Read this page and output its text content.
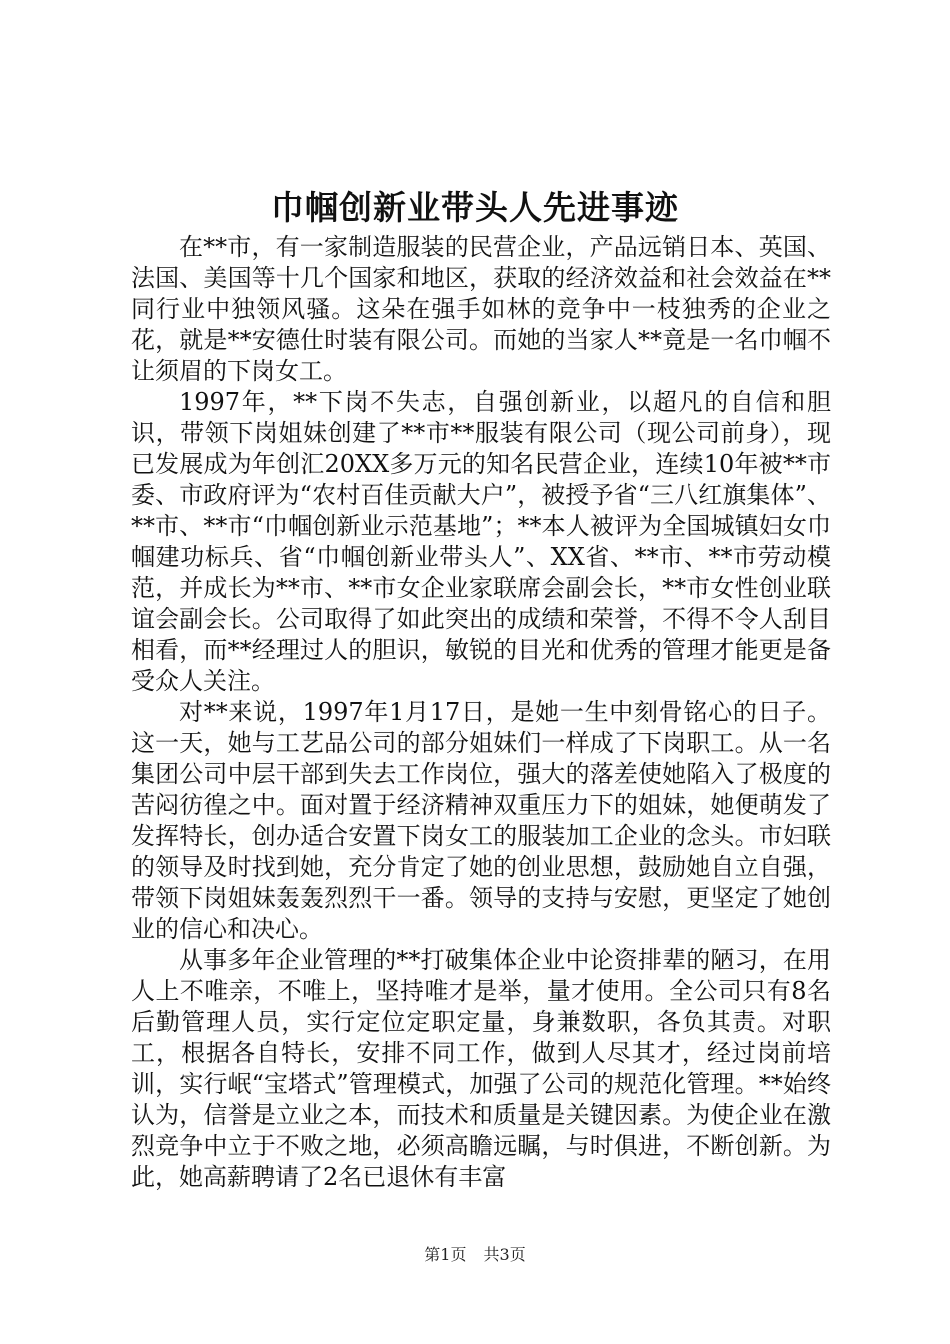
巾帼创新业带头人先进事迹

在**市，有一家制造服装的民营企业，产品远销日本、英国、法国、美国等十几个国家和地区，获取的经济效益和社会效益在**同行业中独领风骚。这朵在强手如林的竞争中一枝独秀的企业之花，就是**安德仕时装有限公司。而她的当家人**竟是一名巾帼不让须眉的下岗女工。

1997年，**下岗不失志，自强创新业，以超凡的自信和胆识，带领下岗姐妹创建了**市**服装有限公司（现公司前身），现已发展成为年创汇20XX多万元的知名民营企业，连续10年被**市委、市政府评为“农村百佳贡献大户”，被授予省“三八红旗集体”、**市、**市“巾帼创新业示范基地”；**本人被评为全国城镇妇女巾帼建功标兵、省“巾帼创新业带头人”、XX省、**市、**市劳动模范，并成长为**市、**市女企业家联席会副会长，**市女性创业联谊会副会长。公司取得了如此突出的成绩和荣誉，不得不令人刮目相看，而**经理过人的胆识，敏锐的目光和优秀的管理才能更是备受众人关注。

对**来说，1997年1月17日，是她一生中刻骨铭心的日子。这一天，她与工艺品公司的部分姐妹们一样成了下岗职工。从一名集团公司中层干部到失去工作岗位，强大的落差使她陷入了极度的苦闷彷徨之中。面对置于经济精神双重压力下的姐妹，她便萌发了发挥特长，创办适合安置下岗女工的服装加工企业的念头。市妇联的领导及时找到她，充分肯定了她的创业思想，鼓励她自立自强，带领下岗姐妹轰轰烈烈干一番。领导的支持与安慰，更坚定了她创业的信心和决心。

从事多年企业管理的**打破集体企业中论资排辈的陋习，在用人上不唯亲，不唯上，坚持唯才是举，量才使用。全公司只有8名后勤管理人员，实行定位定职定量，身兼数职，各负其责。对职工，根据各自特长，安排不同工作，做到人尽其才，经过岗前培训，实行岷“宝塔式”管理模式，加强了公司的规范化管理。**始终认为，信誉是立业之本，而技术和质量是关键因素。为使企业在激烈竞争中立于不败之地，必须高瞻远瞩，与时俱进，不断创新。为此，她高薪聘请了2名已退休有丰富

第1页 共3页
